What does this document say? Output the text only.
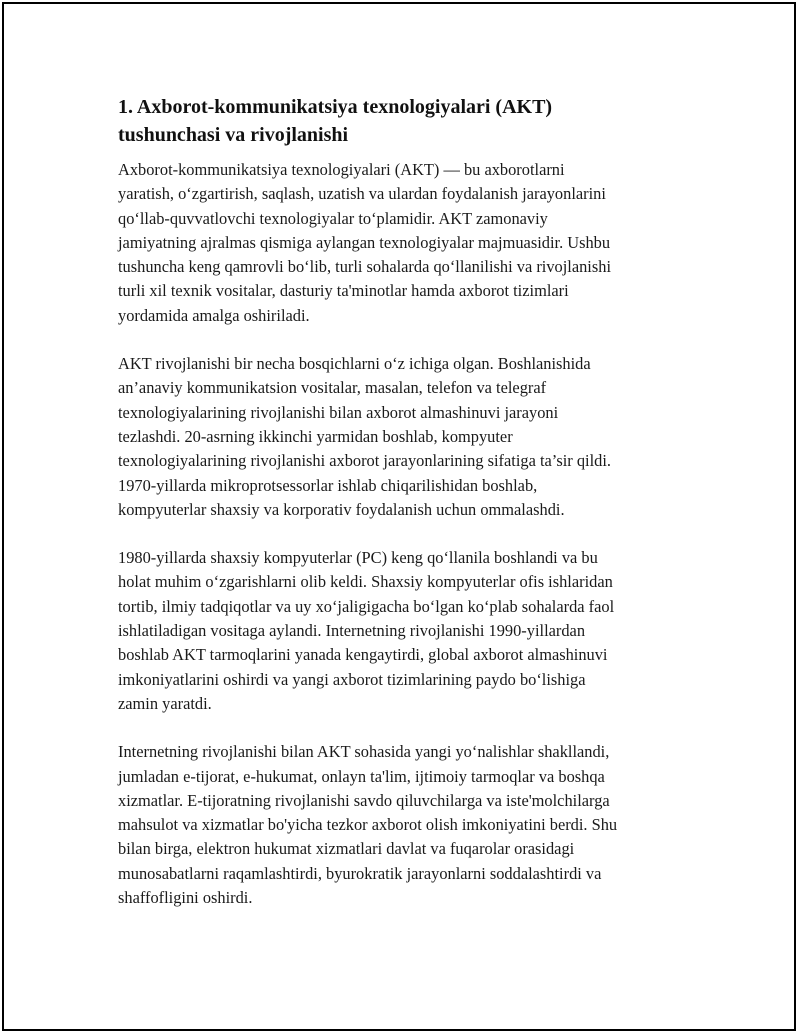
1. Axborot-kommunikatsiya texnologiyalari (AKT)
tushunchasi va rivojlanishi

Axborot-kommunikatsiya texnologiyalari (AKT) — bu axborotlarni
yaratish, o‘zgartirish, saqlash, uzatish va ulardan foydalanish jarayonlarini
qo‘llab-quvvatlovchi texnologiyalar to‘plamidir. AKT zamonaviy
jamiyatning ajralmas qismiga aylangan texnologiyalar majmuasidir. Ushbu
tushuncha keng qamrovli bo‘lib, turli sohalarda qo‘llanilishi va rivojlanishi
turli xil texnik vositalar, dasturiy ta'minotlar hamda axborot tizimlari
yordamida amalga oshiriladi.

AKT rivojlanishi bir necha bosqichlarni o‘z ichiga olgan. Boshlanishida
an’anaviy kommunikatsion vositalar, masalan, telefon va telegraf
texnologiyalarining rivojlanishi bilan axborot almashinuvi jarayoni
tezlashdi. 20-asrning ikkinchi yarmidan boshlab, kompyuter
texnologiyalarining rivojlanishi axborot jarayonlarining sifatiga ta’sir qildi.
1970-yillarda mikroprotsessorlar ishlab chiqarilishidan boshlab,
kompyuterlar shaxsiy va korporativ foydalanish uchun ommalashdi.

1980-yillarda shaxsiy kompyuterlar (PC) keng qo‘llanila boshlandi va bu
holat muhim o‘zgarishlarni olib keldi. Shaxsiy kompyuterlar ofis ishlaridan
tortib, ilmiy tadqiqotlar va uy xo‘jaligigacha bo‘lgan ko‘plab sohalarda faol
ishlatiladigan vositaga aylandi. Internetning rivojlanishi 1990-yillardan
boshlab AKT tarmoqlarini yanada kengaytirdi, global axborot almashinuvi
imkoniyatlarini oshirdi va yangi axborot tizimlarining paydo bo‘lishiga
zamin yaratdi.

Internetning rivojlanishi bilan AKT sohasida yangi yo‘nalishlar shakllandi,
jumladan e-tijorat, e-hukumat, onlayn ta'lim, ijtimoiy tarmoqlar va boshqa
xizmatlar. E-tijoratning rivojlanishi savdo qiluvchilarga va iste'molchilarga
mahsulot va xizmatlar bo'yicha tezkor axborot olish imkoniyatini berdi. Shu
bilan birga, elektron hukumat xizmatlari davlat va fuqarolar orasidagi
munosabatlarni raqamlashtirdi, byurokratik jarayonlarni soddalashtirdi va
shaffofligini oshirdi.
